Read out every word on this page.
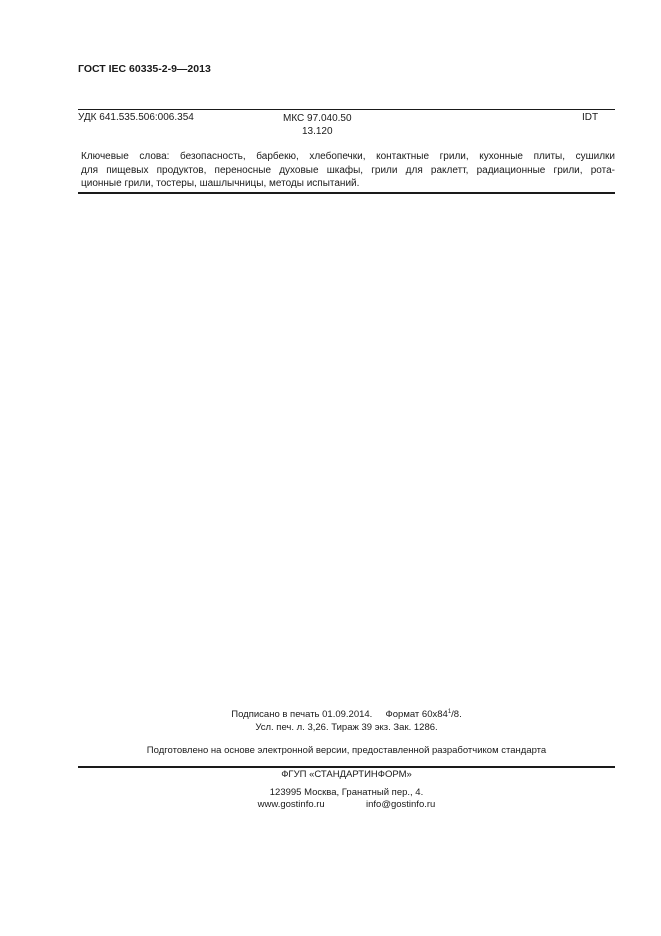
ГОСТ IEC 60335-2-9—2013
УДК 641.535.506:006.354	МКС 97.040.50
13.120
IDT
Ключевые слова: безопасность, барбекю, хлебопечки, контактные грили, кухонные плиты, сушилки
для пищевых продуктов, переносные духовые шкафы, грили для раклетт, радиационные грили, рота-
ционные грили, тостеры, шашлычницы, методы испытаний.
Подписано в печать 01.09.2014. Формат $60x84^1/8$.
Усл. печ. л. 3,26. Тираж 39 экз. Зак. 1286.
Подготовлено на основе электронной версии, предоставленной разработчиком стандарта
ФГУП «СТАНДАРТИНФОРМ»
123995 Москва, Гранатный пер., 4.
www.gostinfo.ru	info@gostinfo.ru
